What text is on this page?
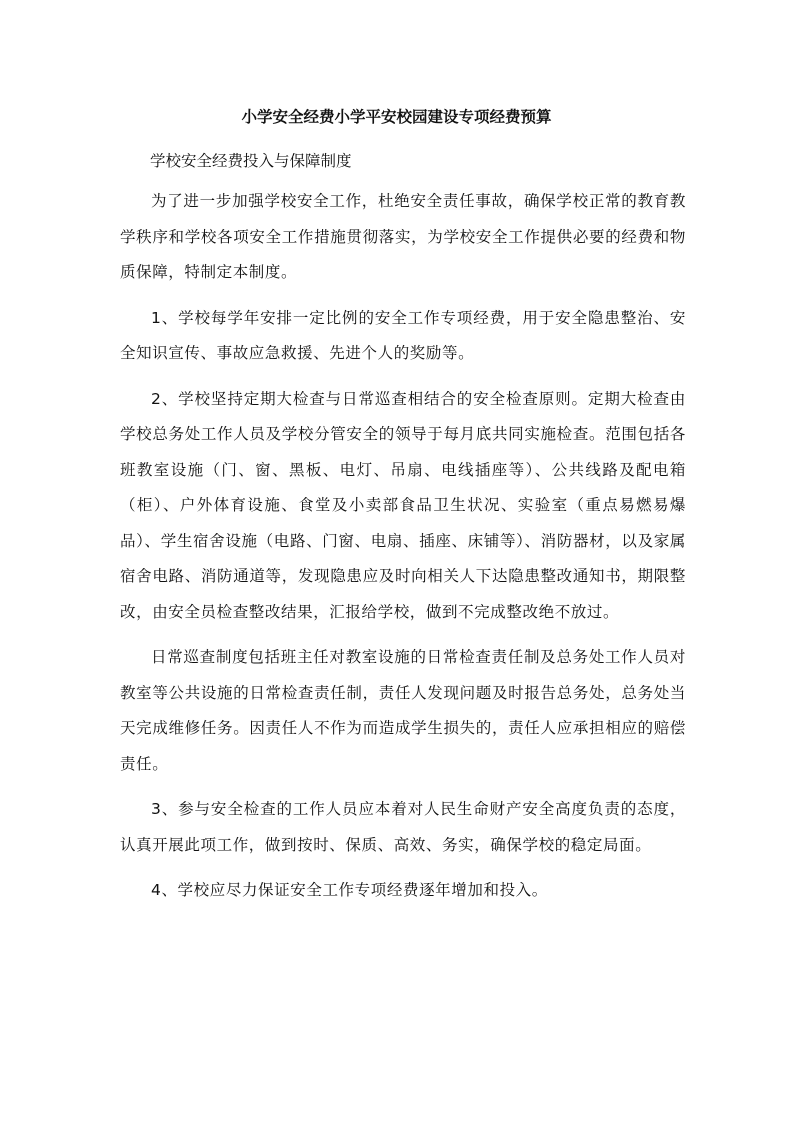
小学安全经费小学平安校园建设专项经费预算
学校安全经费投入与保障制度

为了进一步加强学校安全工作，杜绝安全责任事故，确保学校正常的教育教学秩序和学校各项安全工作措施贯彻落实，为学校安全工作提供必要的经费和物质保障，特制定本制度。

1、学校每学年安排一定比例的安全工作专项经费，用于安全隐患整治、安全知识宣传、事故应急救援、先进个人的奖励等。

2、学校坚持定期大检查与日常巡查相结合的安全检查原则。定期大检查由学校总务处工作人员及学校分管安全的领导于每月底共同实施检查。范围包括各班教室设施（门、窗、黑板、电灯、吊扇、电线插座等）、公共线路及配电箱（柜）、户外体育设施、食堂及小卖部食品卫生状况、实验室（重点易燃易爆品）、学生宿舍设施（电路、门窗、电扇、插座、床铺等）、消防器材，以及家属宿舍电路、消防通道等，发现隐患应及时向相关人下达隐患整改通知书，期限整改，由安全员检查整改结果，汇报给学校，做到不完成整改绝不放过。

日常巡查制度包括班主任对教室设施的日常检查责任制及总务处工作人员对教室等公共设施的日常检查责任制，责任人发现问题及时报告总务处，总务处当天完成维修任务。因责任人不作为而造成学生损失的，责任人应承担相应的赔偿责任。

3、参与安全检查的工作人员应本着对人民生命财产安全高度负责的态度，认真开展此项工作，做到按时、保质、高效、务实，确保学校的稳定局面。

4、学校应尽力保证安全工作专项经费逐年增加和投入。
